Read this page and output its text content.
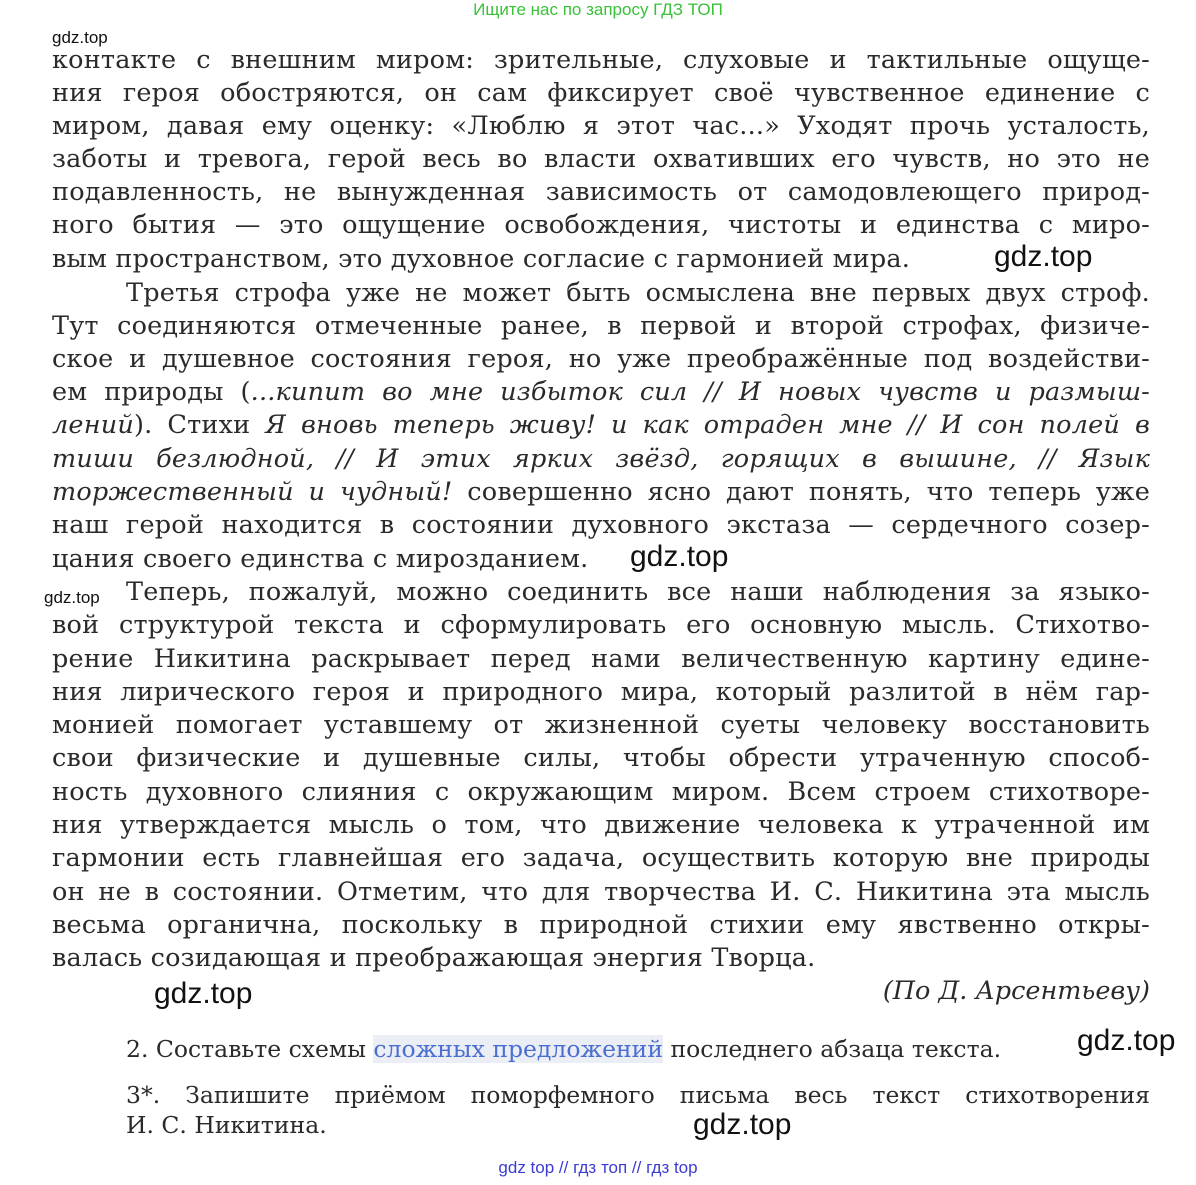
Ищите нас по запросу ГДЗ ТОП
gdz.top
контакте с внешним миром: зрительные, слуховые и тактильные ощуще-
ния героя обостряются, он сам фиксирует своё чувственное единение с
миром, давая ему оценку: «Люблю я этот час...» Уходят прочь усталость,
заботы и тревога, герой весь во власти охвативших его чувств, но это не
подавленность, не вынужденная зависимость от самодовлеющего природ-
ного бытия — это ощущение освобождения, чистоты и единства с миро-
вым пространством, это духовное согласие с гармонией мира.	gdz.top
Третья строфа уже не может быть осмыслена вне первых двух строф.
Тут соединяются отмеченные ранее, в первой и второй строфах, физиче-
ское и душевное состояния героя, но уже преображённые под воздействи-
ем природы (...кипит во мне избыток сил // И новых чувств и размыш-
лений). Стихи Я вновь теперь живу! и как отраден мне // И сон полей в
тиши безлюдной, // И этих ярких звёзд, горящих в вышине, // Язык
торжественный и чудный! совершенно ясно дают понять, что теперь уже
наш герой находится в состоянии духовного экстаза — сердечного созер-
цания своего единства с мирозданием.	gdz.top
gdz.top Теперь, пожалуй, можно соединить все наши наблюдения за языко-
вой структурой текста и сформулировать его основную мысль. Стихотво-
рение Никитина раскрывает перед нами величественную картину едине-
ния лирического героя и природного мира, который разлитой в нём гар-
монией помогает уставшему от жизненной суеты человеку восстановить
свои физические и душевные силы, чтобы обрести утраченную способ-
ность духовного слияния с окружающим миром. Всем строем стихотворе-
ния утверждается мысль о том, что движение человека к утраченной им
гармонии есть главнейшая его задача, осуществить которую вне природы
он не в состоянии. Отметим, что для творчества И. С. Никитина эта мысль
весьма органична, поскольку в природной стихии ему явственно откры-
валась созидающая и преображающая энергия Творца.
gdz.top	(По Д. Арсентьеву)
2. Составьте схемы сложных предложений последнего абзаца текста.	gdz.top
3*. Запишите приёмом поморфемного письма весь текст стихотворения
И. С. Никитина.	gdz.top
gdz top // гдз топ // гдз top
